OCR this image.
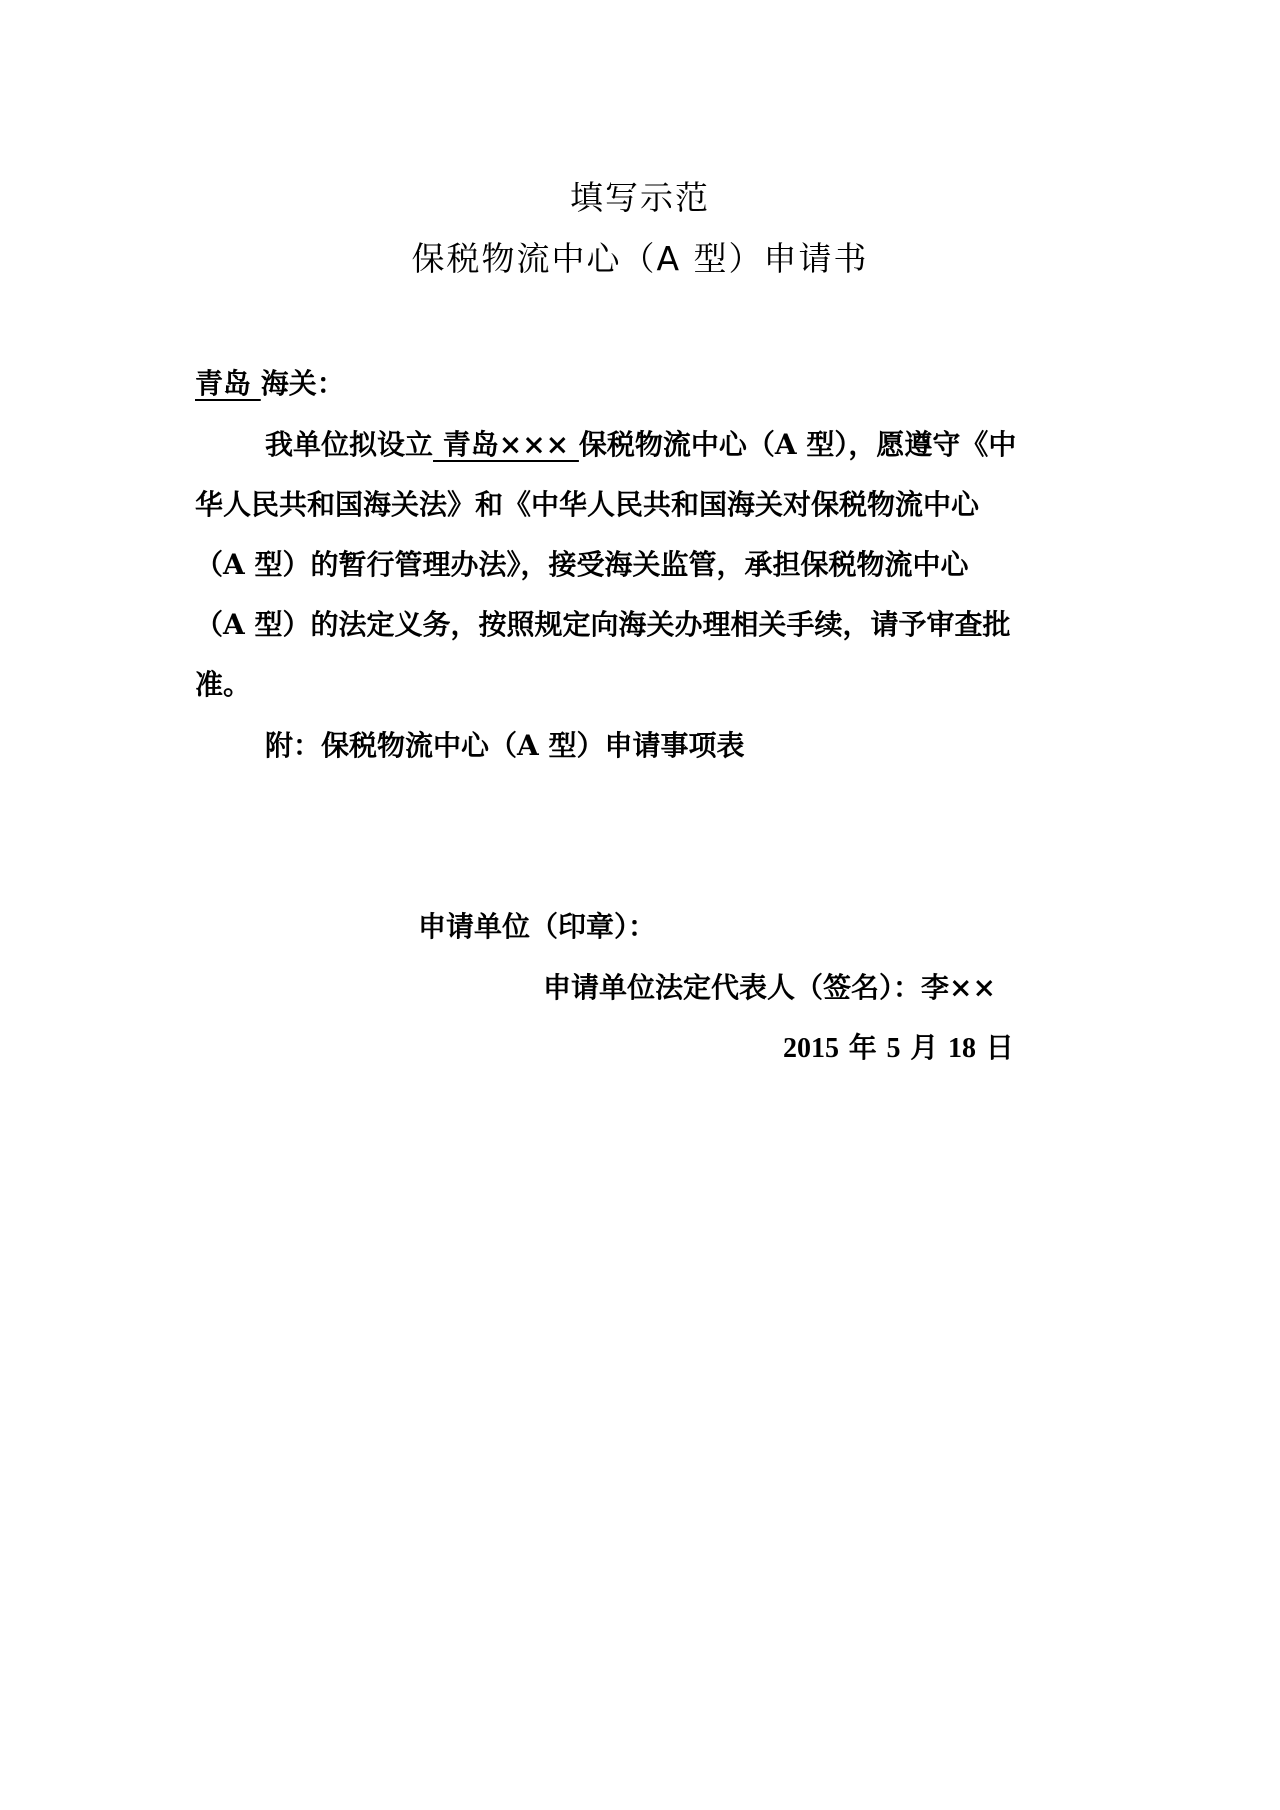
填写示范
保税物流中心（A 型）申请书
青岛 海关：
我单位拟设立 青岛××× 保税物流中心（A 型），愿遵守《中
华人民共和国海关法》和《中华人民共和国海关对保税物流中心
（A 型）的暂行管理办法》，接受海关监管，承担保税物流中心
（A 型）的法定义务，按照规定向海关办理相关手续，请予审查批
准。
附：保税物流中心（A 型）申请事项表
申请单位（印章）：
申请单位法定代表人（签名）：李××
2015 年 5 月 18 日
